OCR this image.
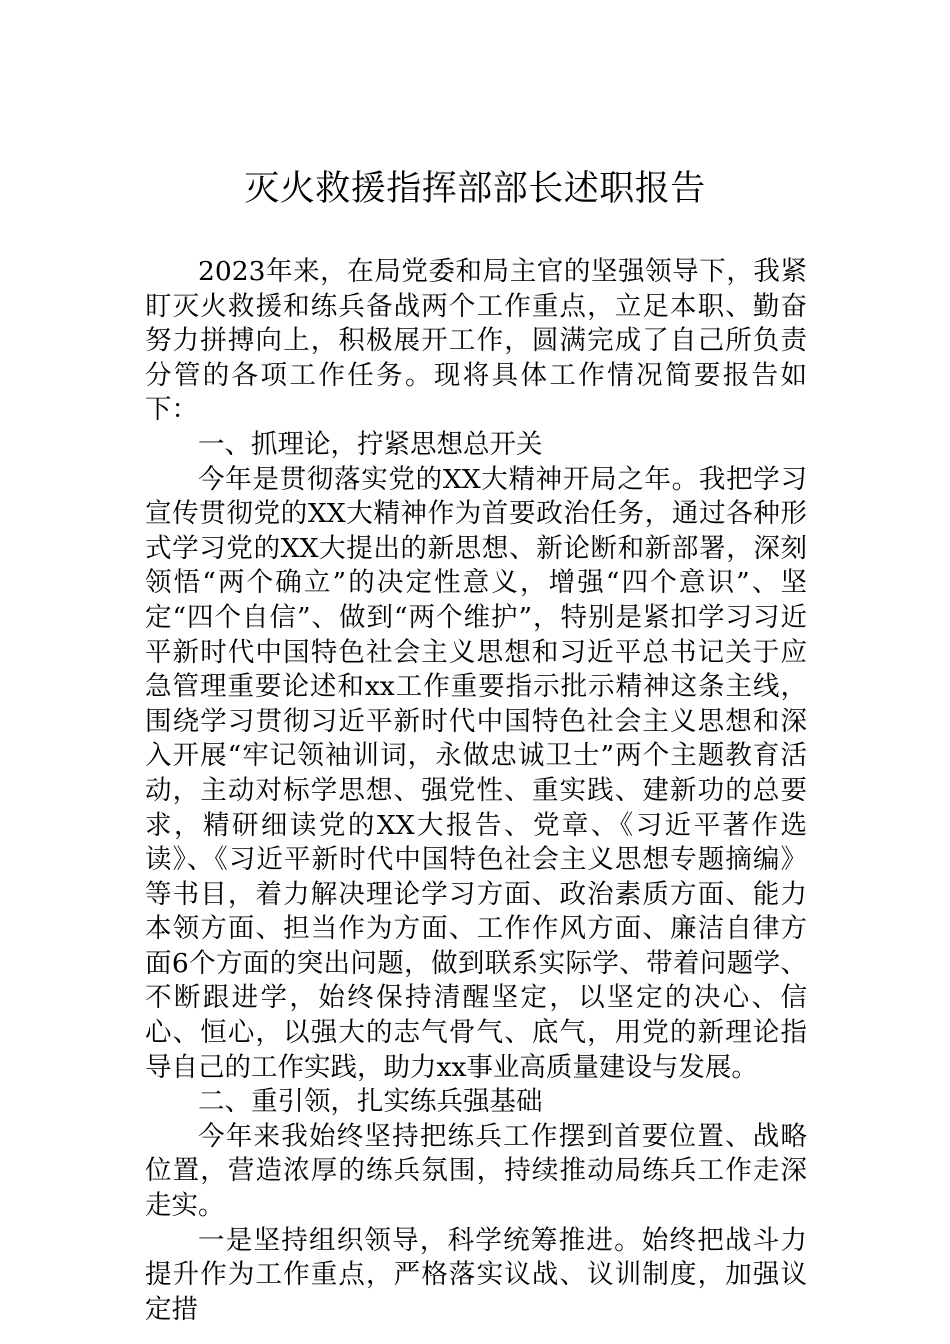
灭火救援指挥部部长述职报告

2023年来，在局党委和局主官的坚强领导下，我紧盯灭火救援和练兵备战两个工作重点，立足本职、勤奋努力拼搏向上，积极展开工作，圆满完成了自己所负责分管的各项工作任务。现将具体工作情况简要报告如下：

一、抓理论，拧紧思想总开关

今年是贯彻落实党的XX大精神开局之年。我把学习宣传贯彻党的XX大精神作为首要政治任务，通过各种形式学习党的XX大提出的新思想、新论断和新部署，深刻领悟“两个确立”的决定性意义，增强“四个意识”、坚定“四个自信”、做到“两个维护”，特别是紧扣学习习近平新时代中国特色社会主义思想和习近平总书记关于应急管理重要论述和xx工作重要指示批示精神这条主线，围绕学习贯彻习近平新时代中国特色社会主义思想和深入开展“牢记领袖训词，永做忠诚卫士”两个主题教育活动，主动对标学思想、强党性、重实践、建新功的总要求，精研细读党的XX大报告、党章、《习近平著作选读》、《习近平新时代中国特色社会主义思想专题摘编》等书目，着力解决理论学习方面、政治素质方面、能力本领方面、担当作为方面、工作作风方面、廉洁自律方面6个方面的突出问题，做到联系实际学、带着问题学、不断跟进学，始终保持清醒坚定，以坚定的决心、信心、恒心，以强大的志气骨气、底气，用党的新理论指导自己的工作实践，助力xx事业高质量建设与发展。

二、重引领，扎实练兵强基础

今年来我始终坚持把练兵工作摆到首要位置、战略位置，营造浓厚的练兵氛围，持续推动局练兵工作走深走实。

一是坚持组织领导，科学统筹推进。始终把战斗力提升作为工作重点，严格落实议战、议训制度，加强议定措
